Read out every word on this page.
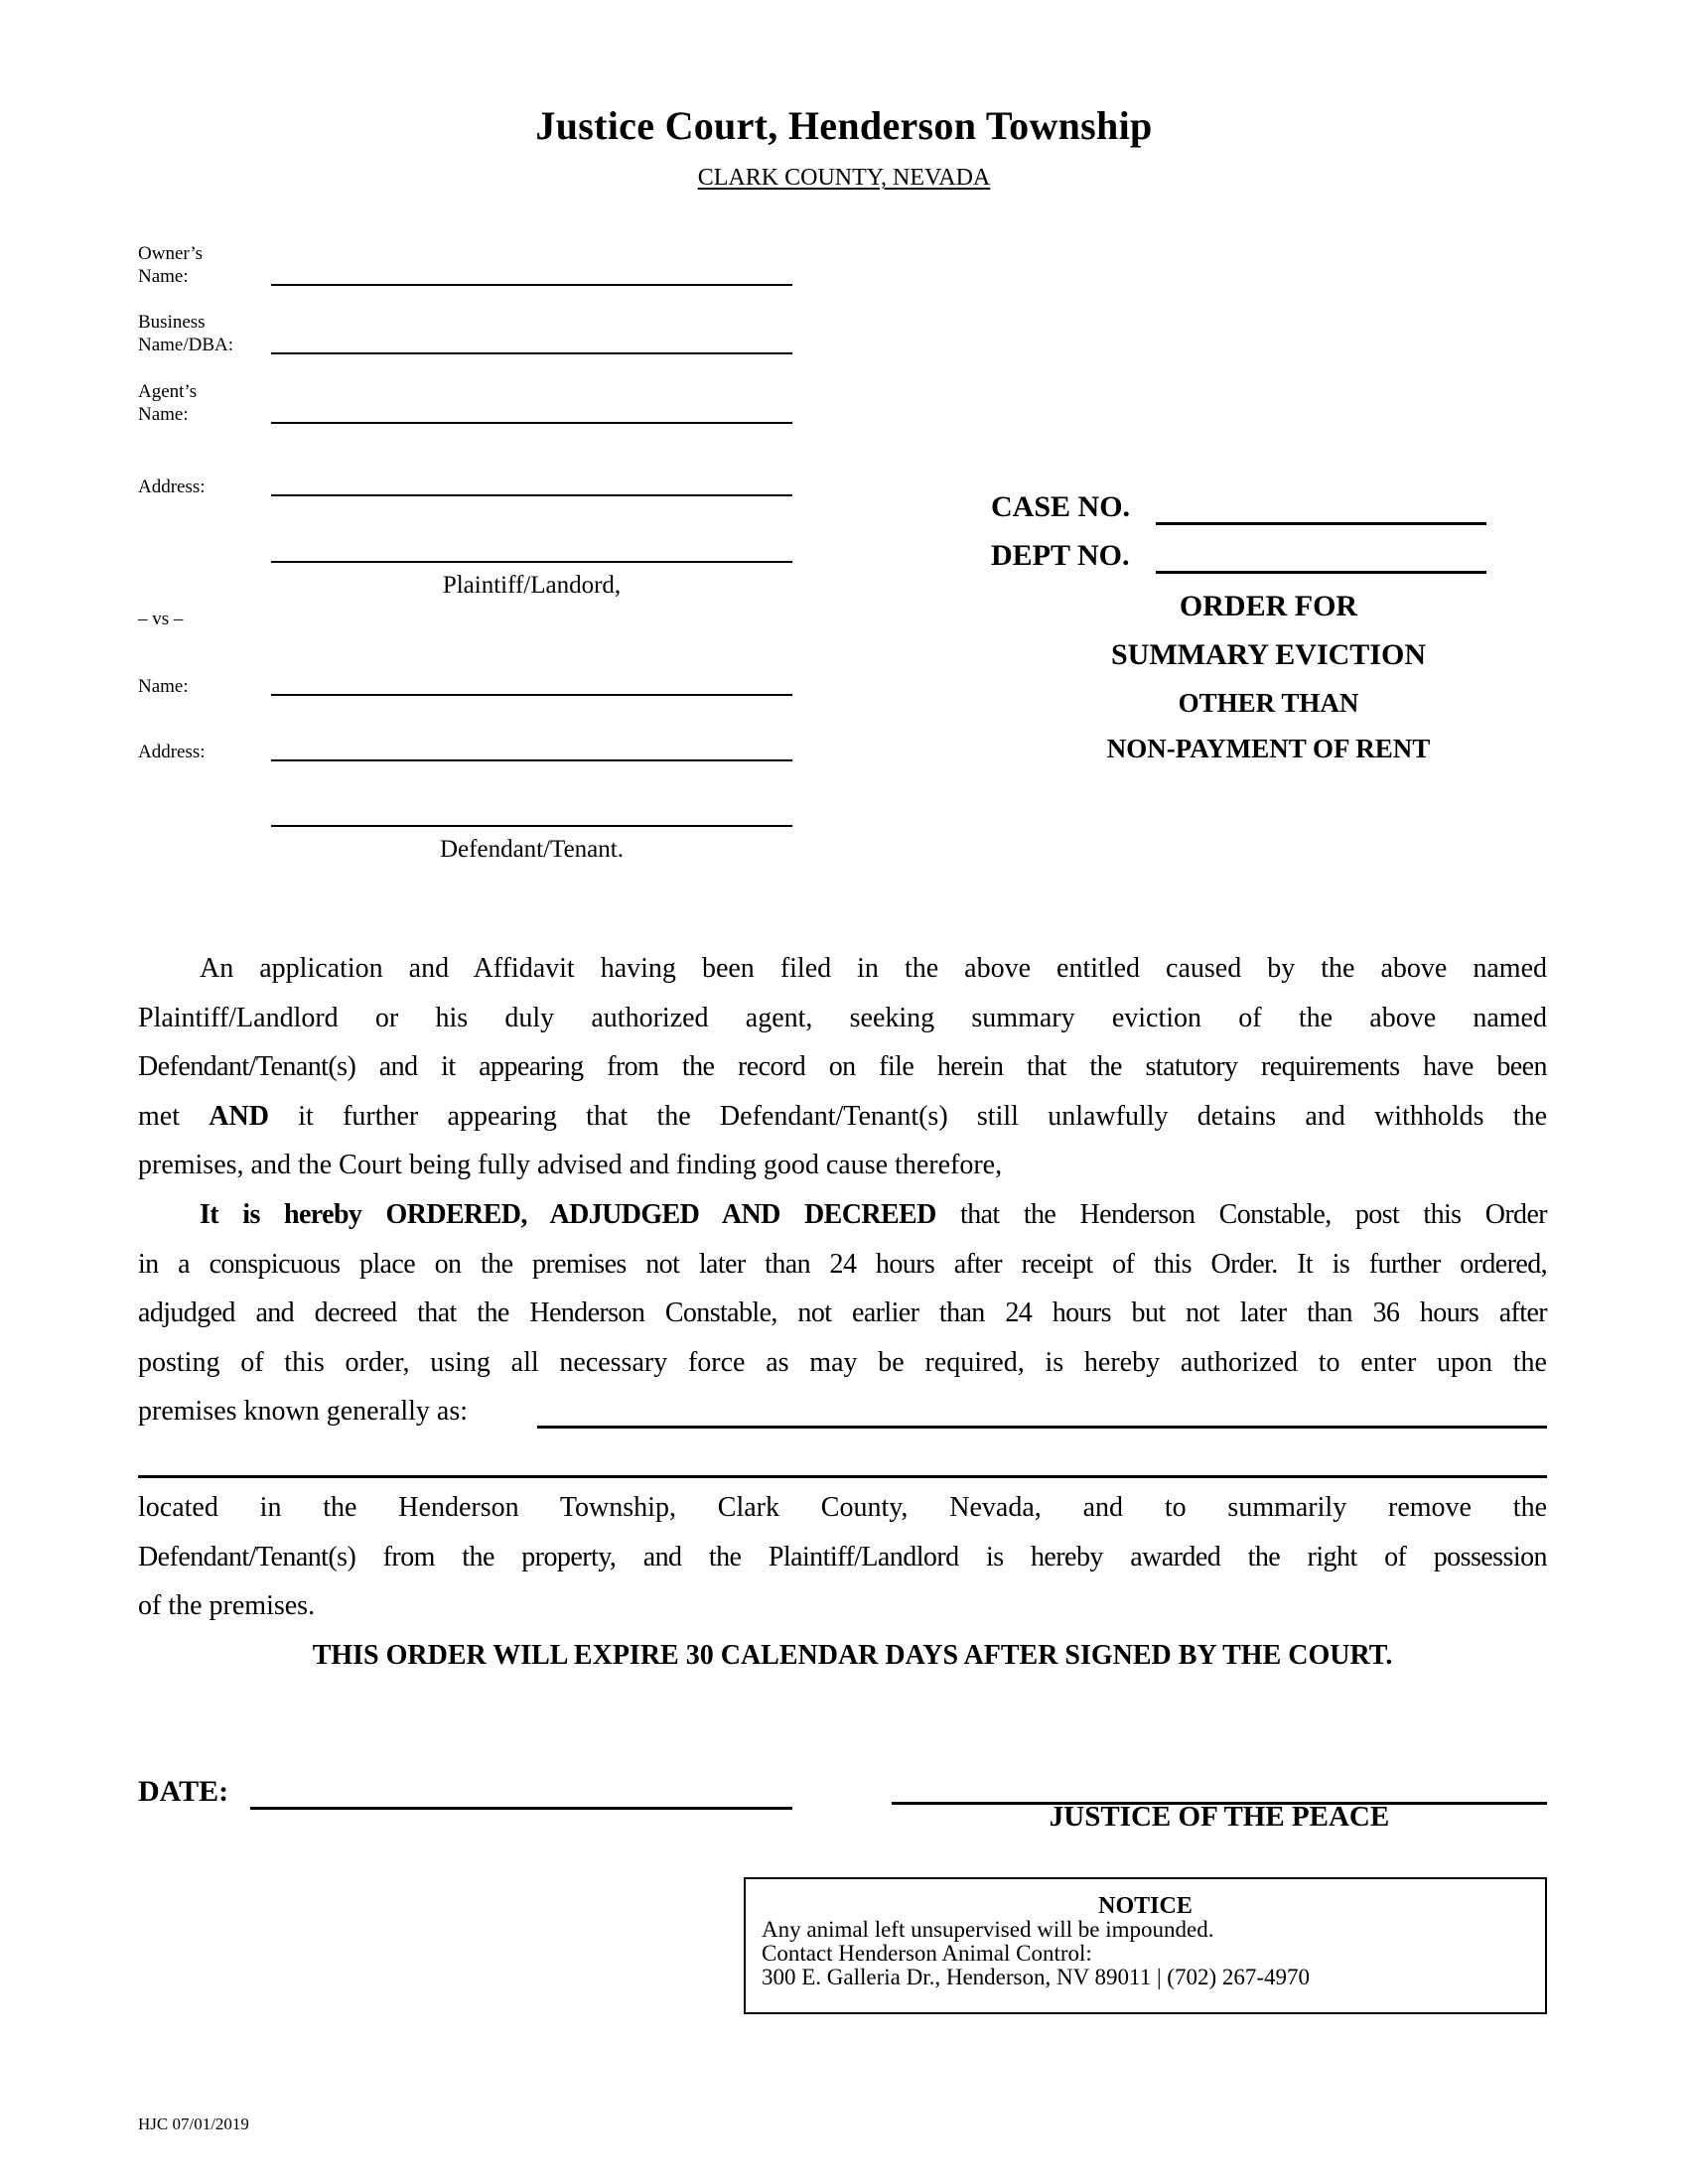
Justice Court, Henderson Township
CLARK COUNTY, NEVADA
Owner’s
Name:
Business
Name/DBA:
Agent’s
Name:
Address:
Plaintiff/Landord,
– vs –
Name:
Address:
Defendant/Tenant.
CASE NO.
DEPT NO.
ORDER FOR
SUMMARY EVICTION
OTHER THAN
NON-PAYMENT OF RENT
An application and Affidavit having been filed in the above entitled caused by the above named
Plaintiff/Landlord or his duly authorized agent, seeking summary eviction of the above named
Defendant/Tenant(s) and it appearing from the record on file herein that the statutory requirements have been
met AND it further appearing that the Defendant/Tenant(s) still unlawfully detains and withholds the
premises, and the Court being fully advised and finding good cause therefore,
It is hereby ORDERED, ADJUDGED AND DECREED that the Henderson Constable, post this Order
in a conspicuous place on the premises not later than 24 hours after receipt of this Order. It is further ordered,
adjudged and decreed that the Henderson Constable, not earlier than 24 hours but not later than 36 hours after
posting of this order, using all necessary force as may be required, is hereby authorized to enter upon the
premises known generally as:
located in the Henderson Township, Clark County, Nevada, and to summarily remove the
Defendant/Tenant(s) from the property, and the Plaintiff/Landlord is hereby awarded the right of possession
of the premises.
THIS ORDER WILL EXPIRE 30 CALENDAR DAYS AFTER SIGNED BY THE COURT.
DATE:
JUSTICE OF THE PEACE
NOTICE
Any animal left unsupervised will be impounded.
Contact Henderson Animal Control:
300 E. Galleria Dr., Henderson, NV 89011 | (702) 267-4970
HJC 07/01/2019
